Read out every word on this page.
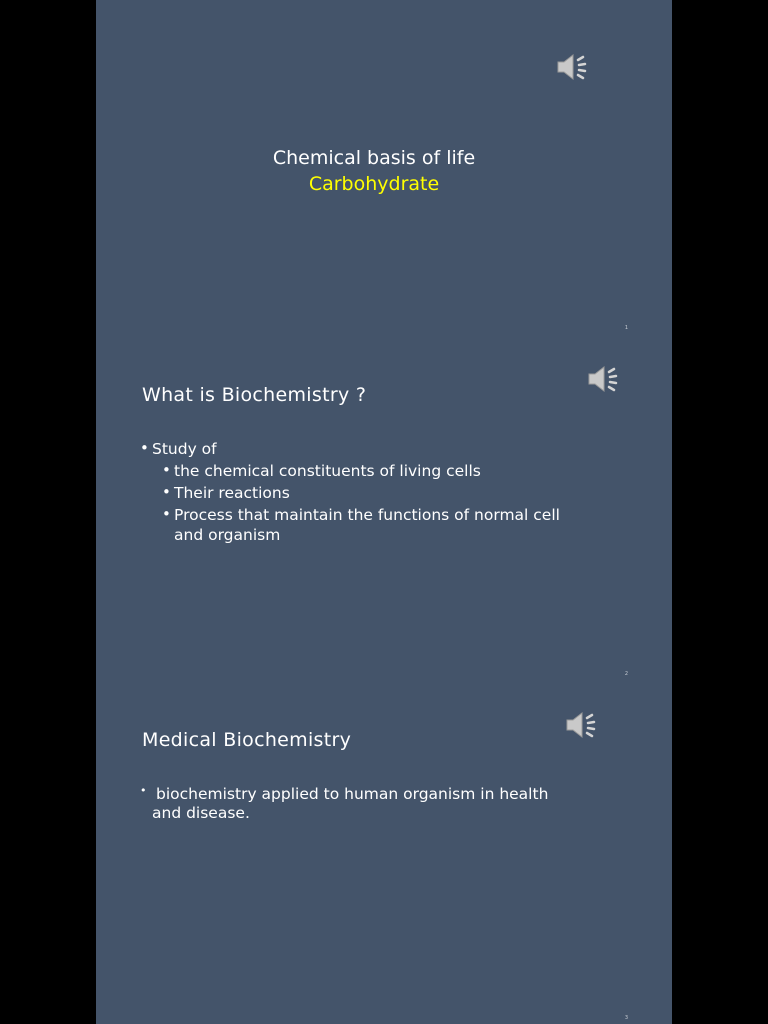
Chemical basis of life
Carbohydrate
1
What is Biochemistry ?
• Study of
• the chemical constituents of living cells
• Their reactions
• Process that maintain the functions of normal cell
and organism
2
Medical Biochemistry
• biochemistry applied to human organism in health
and disease.
3
